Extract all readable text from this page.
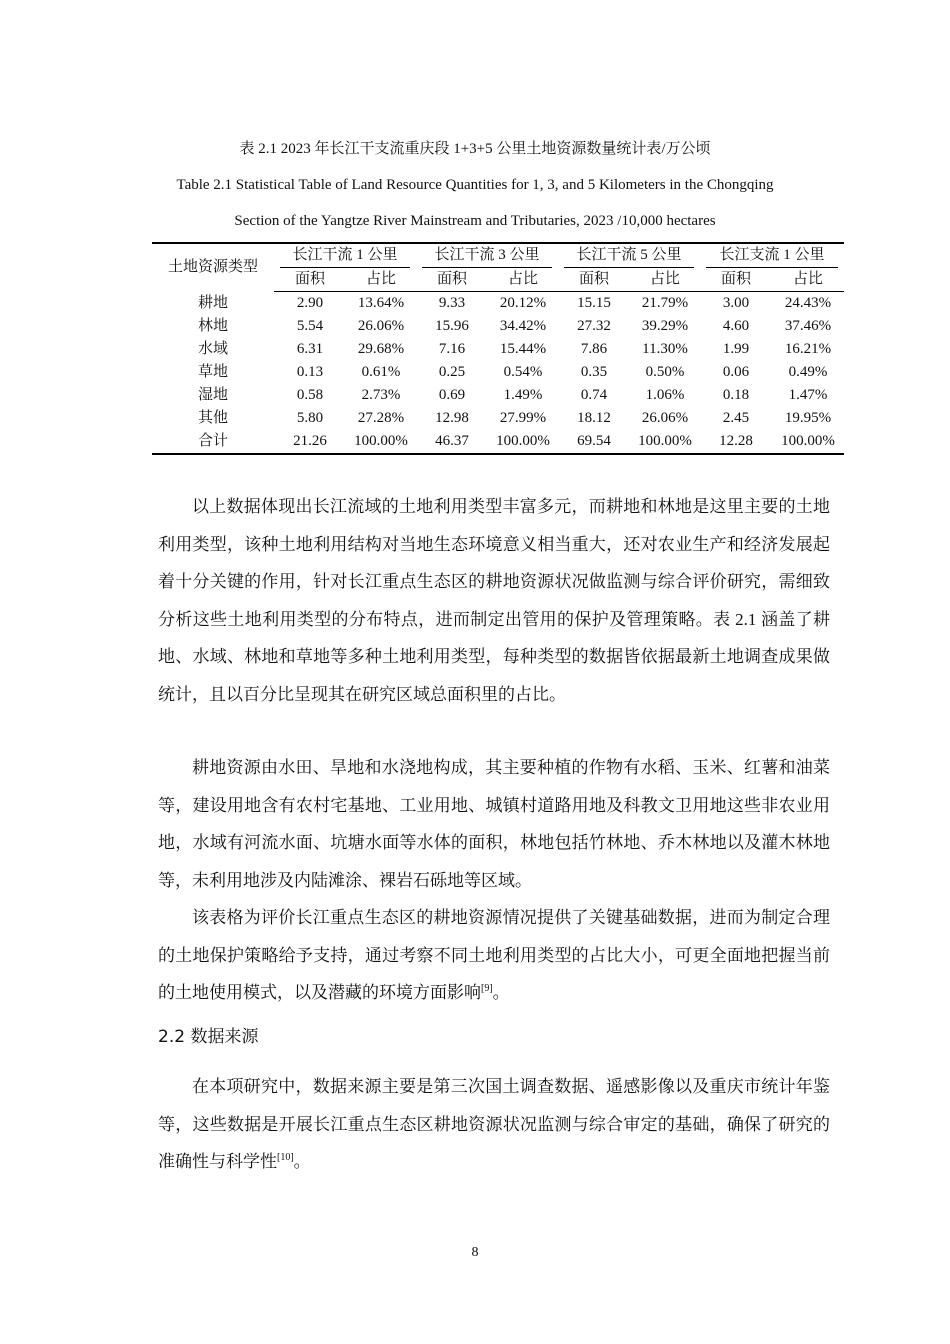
表 2.1 2023 年长江干支流重庆段 1+3+5 公里土地资源数量统计表/万公顷
Table 2.1 Statistical Table of Land Resource Quantities for 1, 3, and 5 Kilometers in the Chongqing
Section of the Yangtze River Mainstream and Tributaries, 2023 /10,000 hectares
土地资源类型	长江干流 1 公里		长江干流 3 公里		长江干流 5 公里		长江支流 1 公里	

	面积	占比	面积	占比	面积	占比	面积	占比
耕地	2.90	13.64%	9.33	20.12%	15.15	21.79%	3.00	24.43%
林地	5.54	26.06%	15.96	34.42%	27.32	39.29%	4.60	37.46%
水域	6.31	29.68%	7.16	15.44%	7.86	11.30%	1.99	16.21%
草地	0.13	0.61%	0.25	0.54%	0.35	0.50%	0.06	0.49%
湿地	0.58	2.73%	0.69	1.49%	0.74	1.06%	0.18	1.47%
其他	5.80	27.28%	12.98	27.99%	18.12	26.06%	2.45	19.95%
合计	21.26	100.00%	46.37	100.00%	69.54	100.00%	12.28	100.00%

以上数据体现出长江流域的土地利用类型丰富多元，而耕地和林地是这里主要的土地利用类型，该种土地利用结构对当地生态环境意义相当重大，还对农业生产和经济发展起着十分关键的作用，针对长江重点生态区的耕地资源状况做监测与综合评价研究，需细致分析这些土地利用类型的分布特点，进而制定出管用的保护及管理策略。表 2.1 涵盖了耕地、水域、林地和草地等多种土地利用类型，每种类型的数据皆依据最新土地调查成果做统计，且以百分比呈现其在研究区域总面积里的占比。

耕地资源由水田、旱地和水浇地构成，其主要种植的作物有水稻、玉米、红薯和油菜等，建设用地含有农村宅基地、工业用地、城镇村道路用地及科教文卫用地这些非农业用地，水域有河流水面、坑塘水面等水体的面积，林地包括竹林地、乔木林地以及灌木林地等，未利用地涉及内陆滩涂、裸岩石砾地等区域。

该表格为评价长江重点生态区的耕地资源情况提供了关键基础数据，进而为制定合理的土地保护策略给予支持，通过考察不同土地利用类型的占比大小，可更全面地把握当前的土地使用模式，以及潜藏的环境方面影响[9]。

2.2 数据来源

在本项研究中，数据来源主要是第三次国土调查数据、遥感影像以及重庆市统计年鉴等，这些数据是开展长江重点生态区耕地资源状况监测与综合审定的基础，确保了研究的准确性与科学性[10]。

8
